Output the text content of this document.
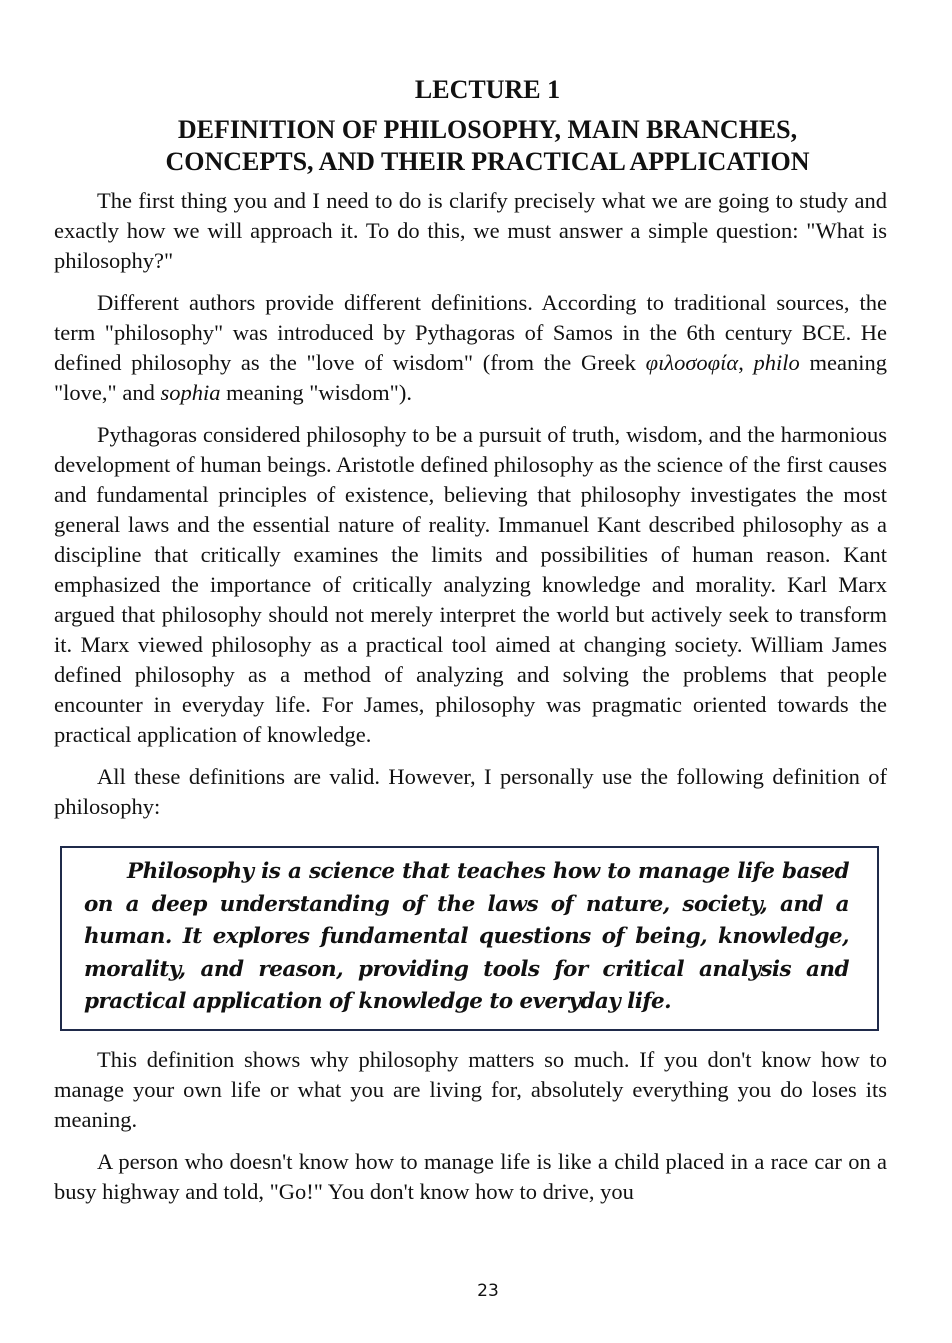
LECTURE 1
DEFINITION OF PHILOSOPHY, MAIN BRANCHES,
CONCEPTS, AND THEIR PRACTICAL APPLICATION

The first thing you and I need to do is clarify precisely what we are going to study and exactly how we will approach it. To do this, we must answer a simple question: "What is philosophy?"

Different authors provide different definitions. According to traditional sources, the term "philosophy" was introduced by Pythagoras of Samos in the 6th century BCE. He defined philosophy as the "love of wisdom" (from the Greek φιλοσοφία, philo meaning "love," and sophia meaning "wisdom").

Pythagoras considered philosophy to be a pursuit of truth, wisdom, and the harmonious development of human beings. Aristotle defined philosophy as the science of the first causes and fundamental principles of existence, believing that philosophy investigates the most general laws and the essential nature of reality. Immanuel Kant described philosophy as a discipline that critically examines the limits and possibilities of human reason. Kant emphasized the importance of critically analyzing knowledge and morality. Karl Marx argued that philosophy should not merely interpret the world but actively seek to transform it. Marx viewed philosophy as a practical tool aimed at changing society. William James defined philosophy as a method of analyzing and solving the problems that people encounter in everyday life. For James, philosophy was pragmatic oriented towards the practical application of knowledge.

All these definitions are valid. However, I personally use the following definition of philosophy:

Philosophy is a science that teaches how to manage life based on a deep understanding of the laws of nature, society, and a human. It explores fundamental questions of being, knowledge, morality, and reason, providing tools for critical analysis and practical application of knowledge to everyday life.

This definition shows why philosophy matters so much. If you don't know how to manage your own life or what you are living for, absolutely everything you do loses its meaning.

A person who doesn't know how to manage life is like a child placed in a race car on a busy highway and told, "Go!" You don't know how to drive, you

23
